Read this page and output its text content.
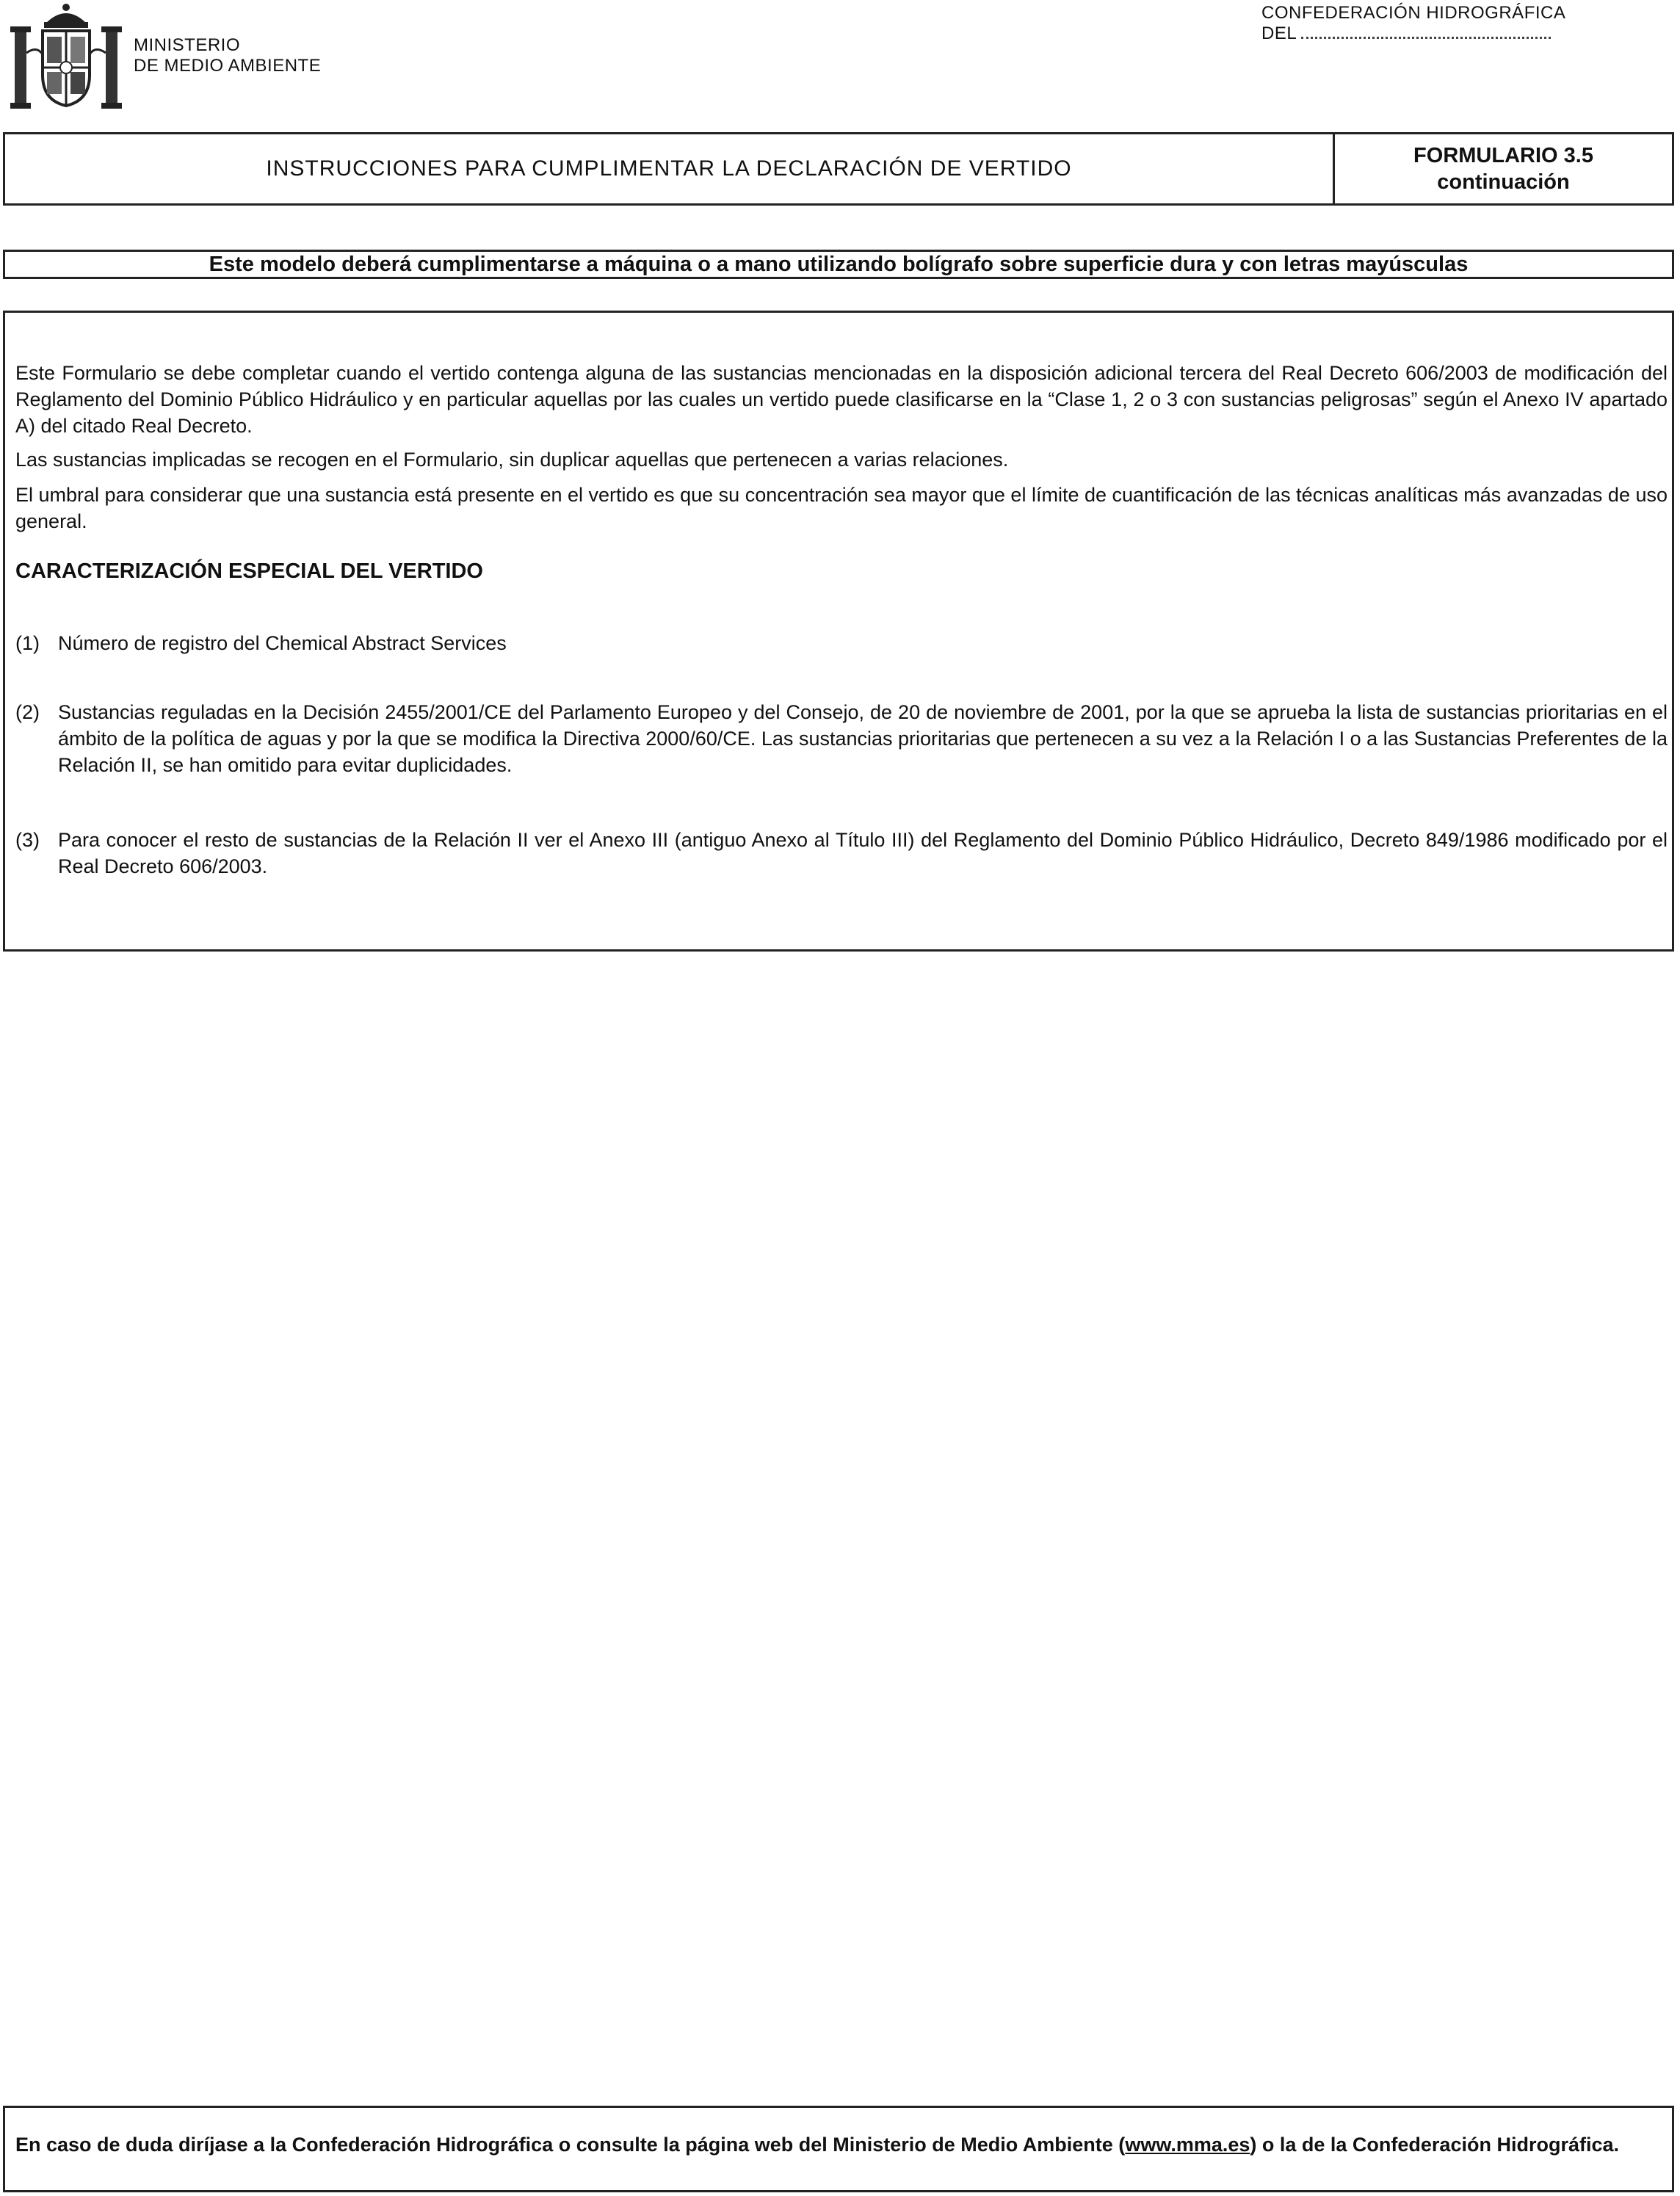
MINISTERIO
DE MEDIO AMBIENTE
CONFEDERACIÓN HIDROGRÁFICA
DEL
INSTRUCCIONES PARA CUMPLIMENTAR LA DECLARACIÓN DE VERTIDO
FORMULARIO 3.5
continuación
Este modelo deberá cumplimentarse a máquina o a mano utilizando bolígrafo sobre superficie dura y con letras mayúsculas
Este Formulario se debe completar cuando el vertido contenga alguna de las sustancias mencionadas en la disposición adicional tercera del Real Decreto 606/2003 de modificación del Reglamento del Dominio Público Hidráulico y en particular aquellas por las cuales un vertido puede clasificarse en la “Clase 1, 2 o 3 con sustancias peligrosas” según el Anexo IV apartado A) del citado Real Decreto.
Las sustancias implicadas se recogen en el Formulario, sin duplicar aquellas que pertenecen a varias relaciones.
El umbral para considerar que una sustancia está presente en el vertido es que su concentración sea mayor que el límite de cuantificación de las técnicas analíticas más avanzadas de uso general.
CARACTERIZACIÓN ESPECIAL DEL VERTIDO
(1) Número de registro del Chemical Abstract Services
(2) Sustancias reguladas en la Decisión 2455/2001/CE del Parlamento Europeo y del Consejo, de 20 de noviembre de 2001, por la que se aprueba la lista de sustancias prioritarias en el ámbito de la política de aguas y por la que se modifica la Directiva 2000/60/CE. Las sustancias prioritarias que pertenecen a su vez a la Relación I o a las Sustancias Preferentes de la Relación II, se han omitido para evitar duplicidades.
(3) Para conocer el resto de sustancias de la Relación II ver el Anexo III (antiguo Anexo al Título III) del Reglamento del Dominio Público Hidráulico, Decreto 849/1986 modificado por el Real Decreto 606/2003.
En caso de duda diríjase a la Confederación Hidrográfica o consulte la página web del Ministerio de Medio Ambiente (www.mma.es) o la de la Confederación Hidrográfica.
